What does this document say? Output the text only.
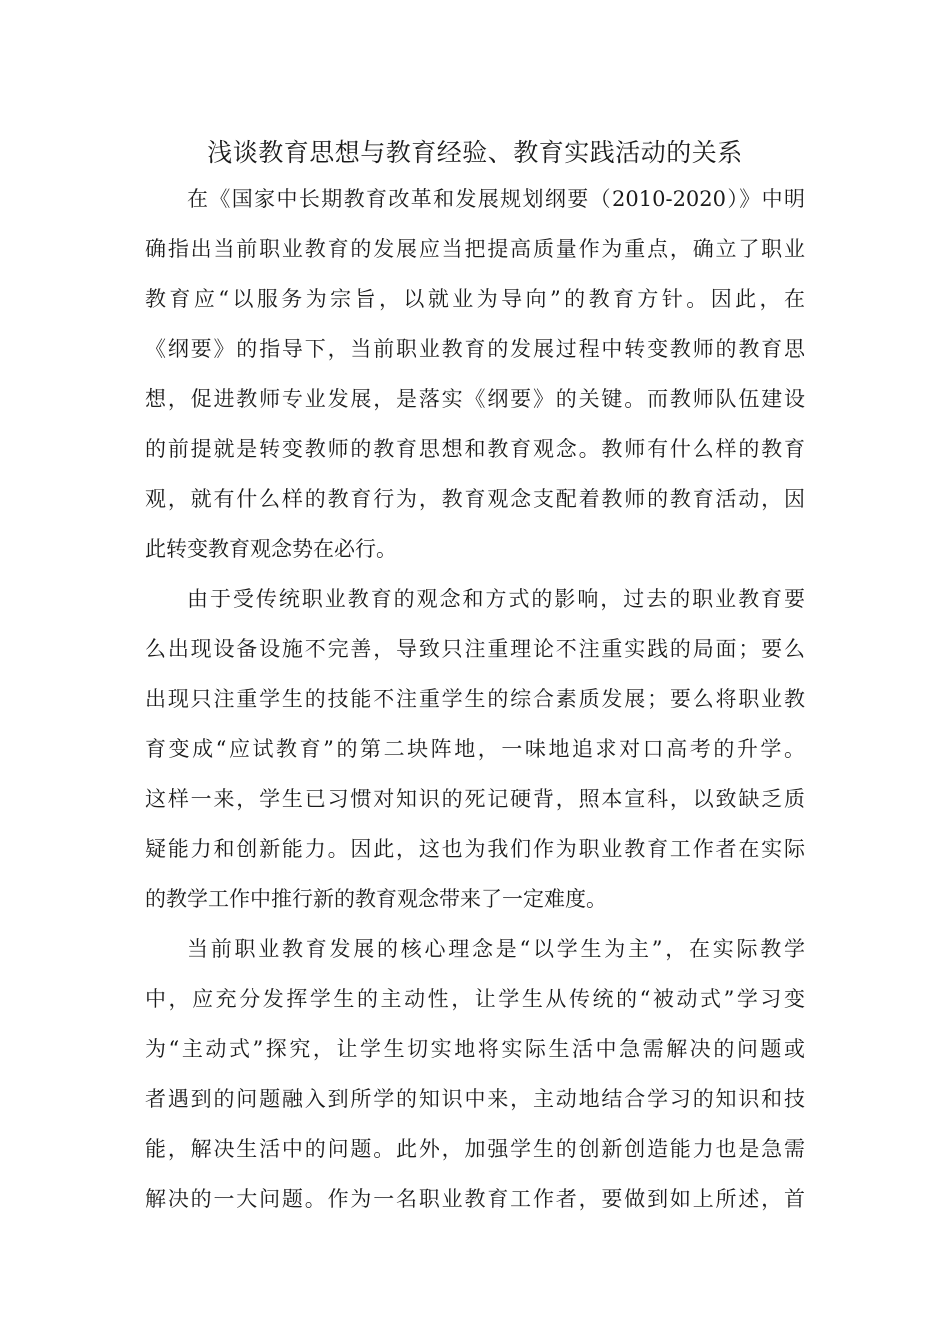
浅谈教育思想与教育经验、教育实践活动的关系
在《国家中长期教育改革和发展规划纲要（2010-2020）》中明
确指出当前职业教育的发展应当把提高质量作为重点，确立了职业
教育应“以服务为宗旨，以就业为导向”的教育方针。因此，在
《纲要》的指导下，当前职业教育的发展过程中转变教师的教育思
想，促进教师专业发展，是落实《纲要》的关键。而教师队伍建设
的前提就是转变教师的教育思想和教育观念。教师有什么样的教育
观，就有什么样的教育行为，教育观念支配着教师的教育活动，因
此转变教育观念势在必行。
由于受传统职业教育的观念和方式的影响，过去的职业教育要
么出现设备设施不完善，导致只注重理论不注重实践的局面；要么
出现只注重学生的技能不注重学生的综合素质发展；要么将职业教
育变成“应试教育”的第二块阵地，一味地追求对口高考的升学。
这样一来，学生已习惯对知识的死记硬背，照本宣科，以致缺乏质
疑能力和创新能力。因此，这也为我们作为职业教育工作者在实际
的教学工作中推行新的教育观念带来了一定难度。
当前职业教育发展的核心理念是“以学生为主”，在实际教学
中，应充分发挥学生的主动性，让学生从传统的“被动式”学习变
为“主动式”探究，让学生切实地将实际生活中急需解决的问题或
者遇到的问题融入到所学的知识中来，主动地结合学习的知识和技
能，解决生活中的问题。此外，加强学生的创新创造能力也是急需
解决的一大问题。作为一名职业教育工作者，要做到如上所述，首
